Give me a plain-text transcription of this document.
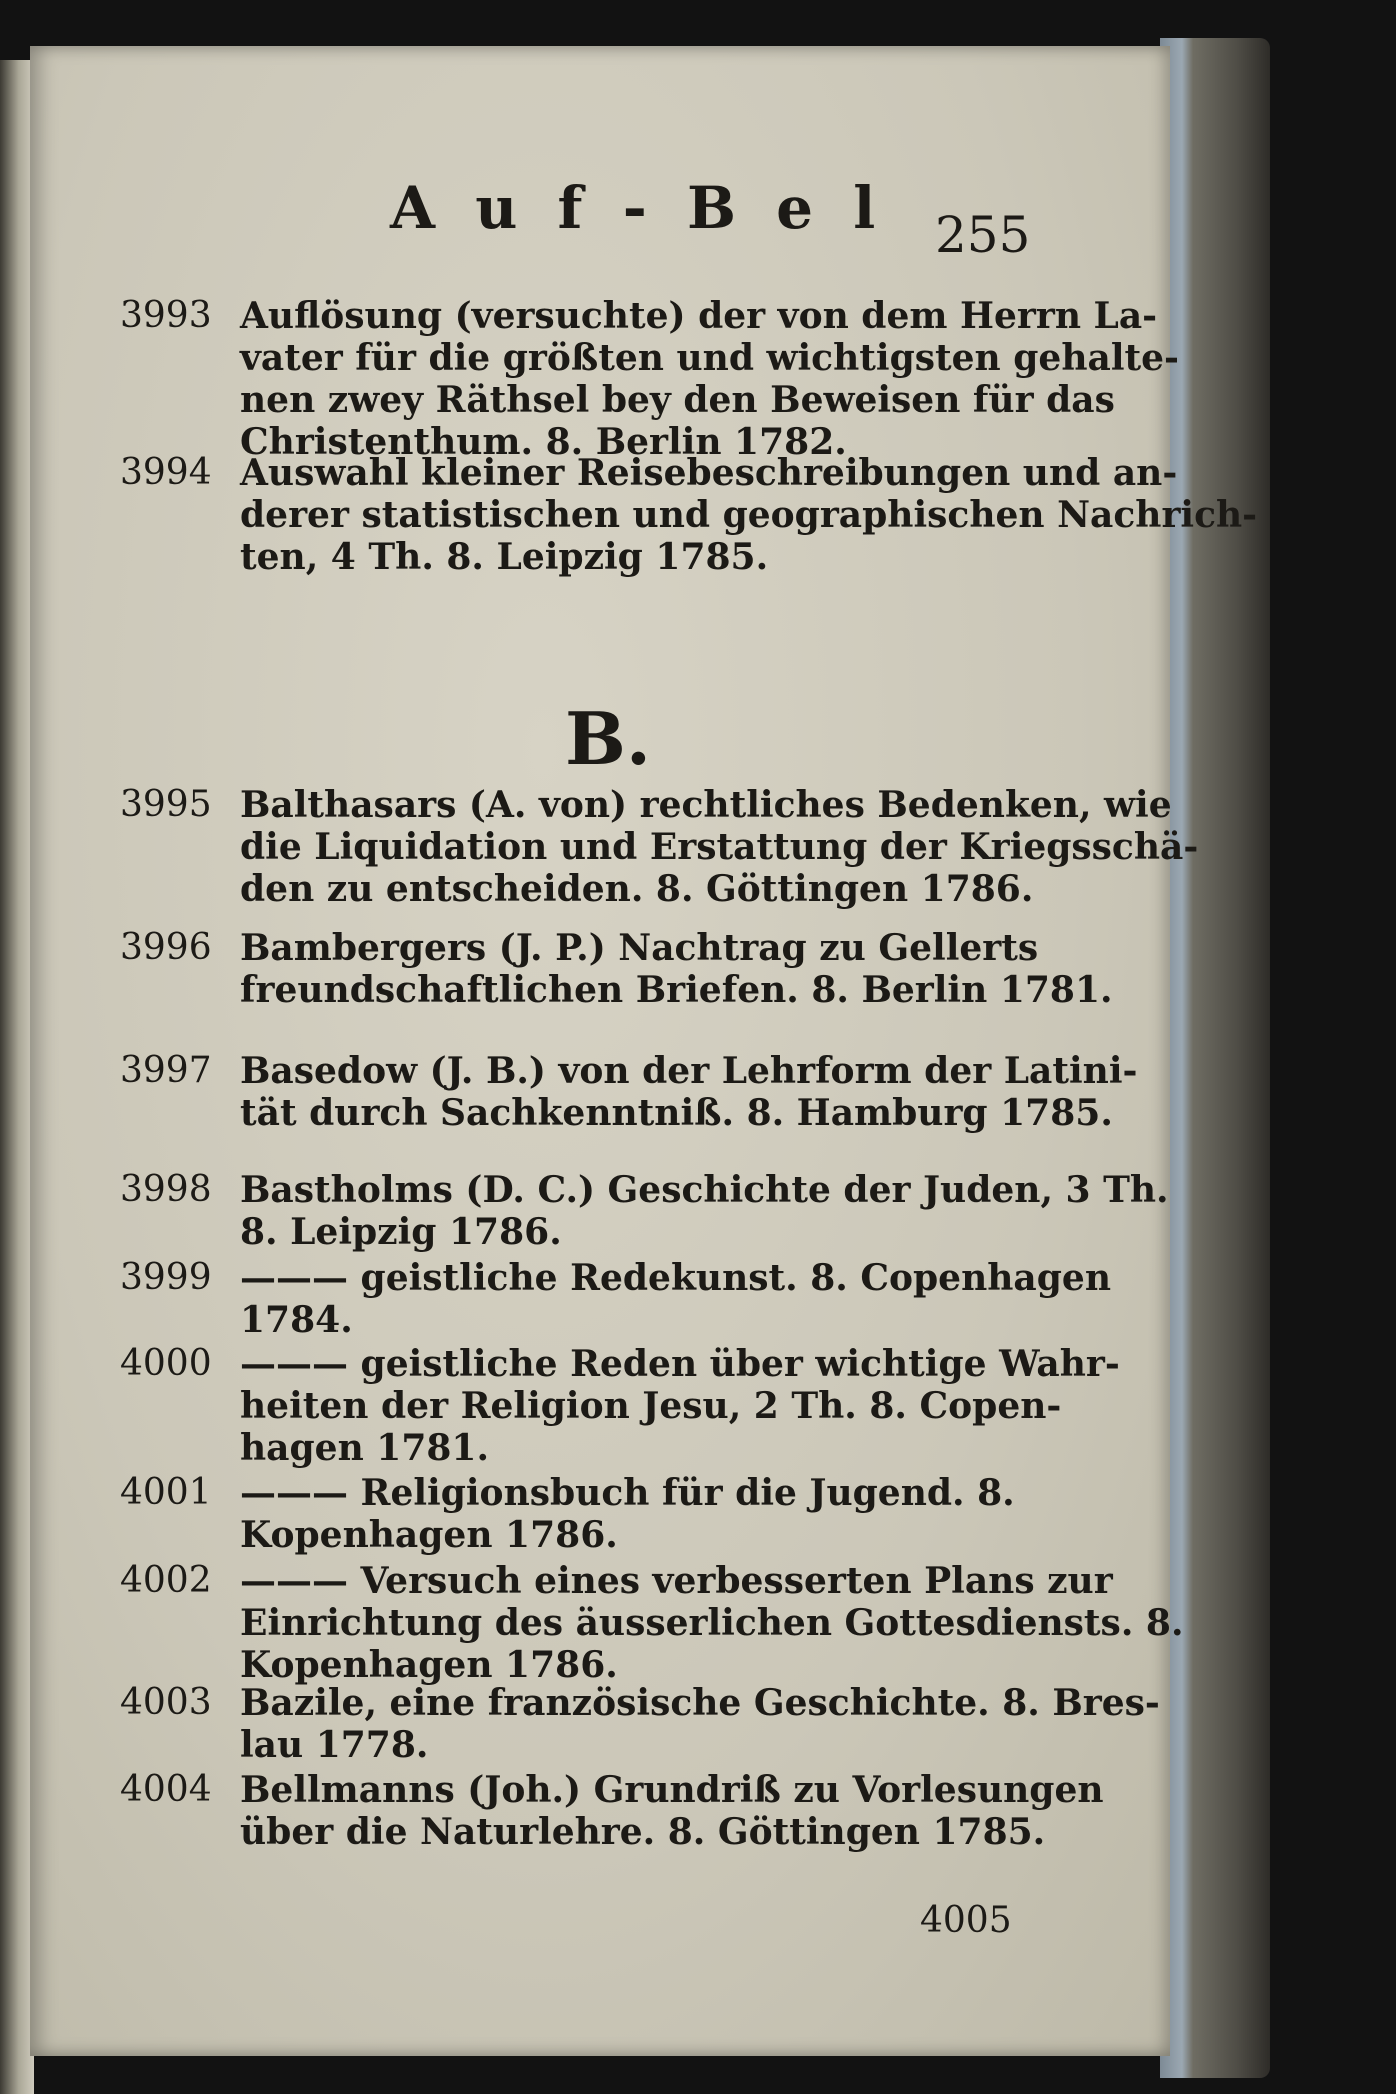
A u f - B e l 255
B.
3993 Auflösung (versuchte) der von dem Herrn La-
vater für die größten und wichtigsten gehalte-
nen zwey Räthsel bey den Beweisen für das
Christenthum. 8. Berlin 1782.
3994 Auswahl kleiner Reisebeschreibungen und an-
derer statistischen und geographischen Nachrich-
ten, 4 Th. 8. Leipzig 1785.
3995 Balthasars (A. von) rechtliches Bedenken, wie
die Liquidation und Erstattung der Kriegsschä-
den zu entscheiden. 8. Göttingen 1786.
3996 Bambergers (J. P.) Nachtrag zu Gellerts
freundschaftlichen Briefen. 8. Berlin 1781.
3997 Basedow (J. B.) von der Lehrform der Latini-
tät durch Sachkenntniß. 8. Hamburg 1785.
3998 Bastholms (D. C.) Geschichte der Juden, 3 Th.
8. Leipzig 1786.
3999 ——— geistliche Redekunst. 8. Copenhagen
1784.
4000 ——— geistliche Reden über wichtige Wahr-
heiten der Religion Jesu, 2 Th. 8. Copen-
hagen 1781.
4001 ——— Religionsbuch für die Jugend. 8.
Kopenhagen 1786.
4002 ——— Versuch eines verbesserten Plans zur
Einrichtung des äusserlichen Gottesdiensts. 8.
Kopenhagen 1786.
4003 Bazile, eine französische Geschichte. 8. Bres-
lau 1778.
4004 Bellmanns (Joh.) Grundriß zu Vorlesungen
über die Naturlehre. 8. Göttingen 1785.
4005
